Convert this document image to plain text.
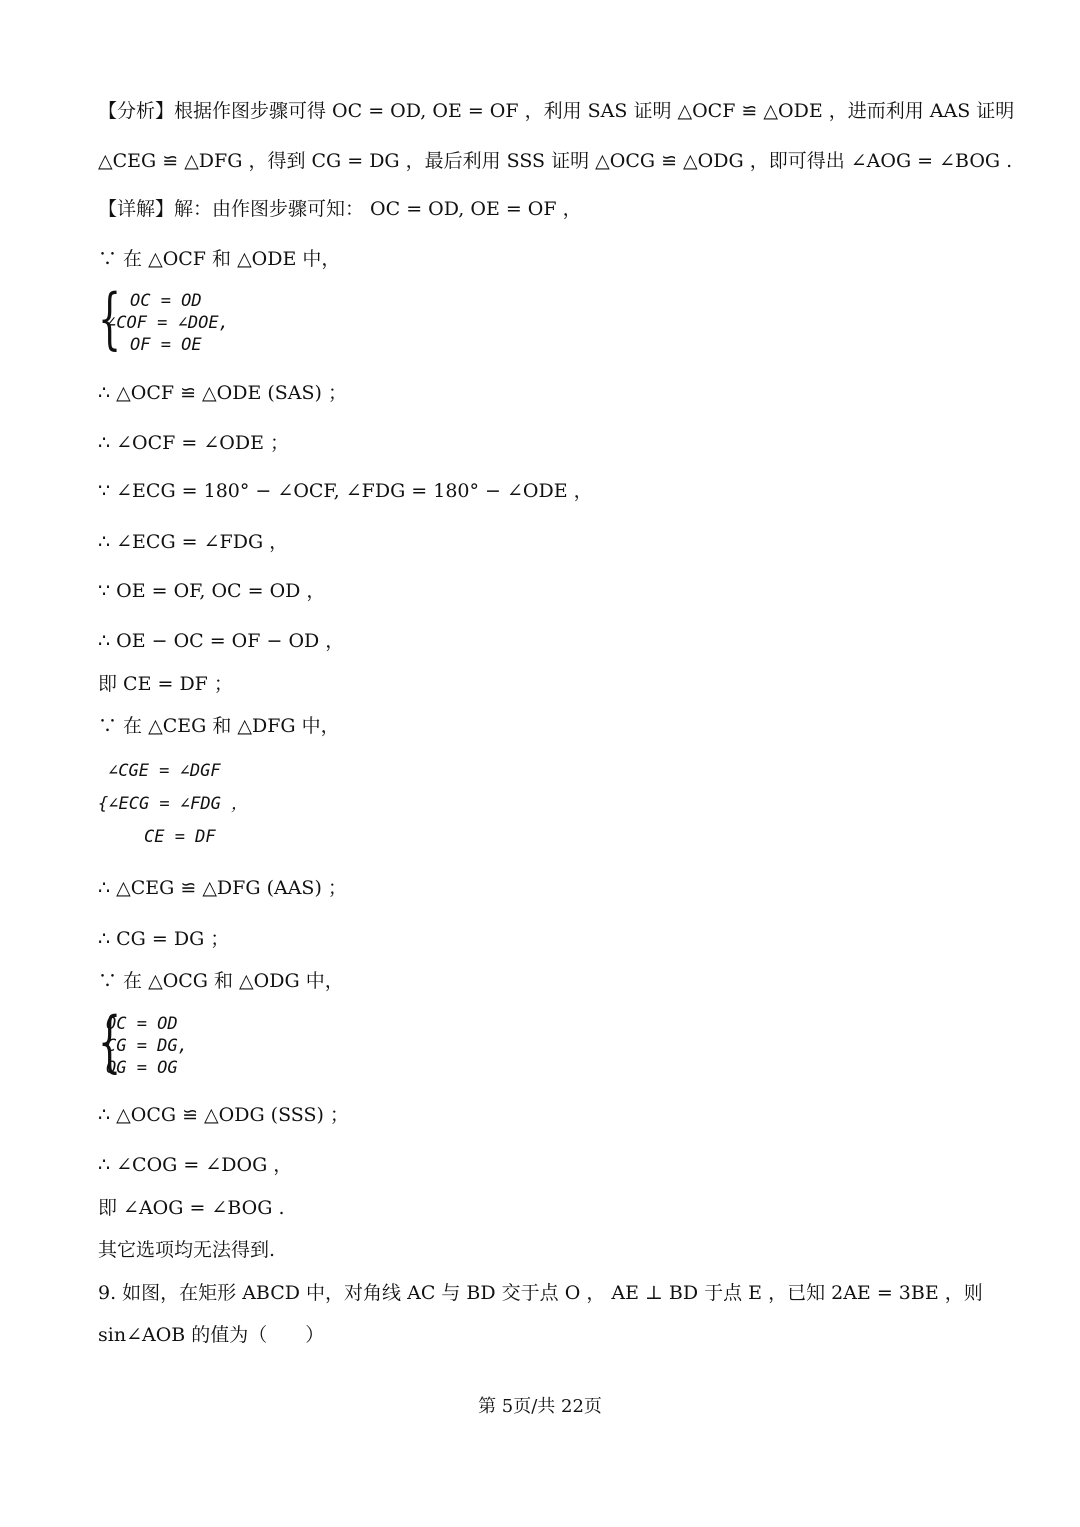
【分析】根据作图步骤可得 OC = OD, OE = OF ，利用 SAS 证明 △OCF ≌ △ODE ，进而利用 AAS 证明
△CEG ≌ △DFG ，得到 CG = DG ，最后利用 SSS 证明 △OCG ≌ △ODG ，即可得出 ∠AOG = ∠BOG .
【详解】解：由作图步骤可知： OC = OD, OE = OF ，
∵ 在 △OCF 和 △ODE 中，
{ OC = OD
∠COF = ∠DOE,
OF = OE
∴ △OCF ≌ △ODE (SAS) ；
∴ ∠OCF = ∠ODE ；
∵ ∠ECG = 180° − ∠OCF, ∠FDG = 180° − ∠ODE ，
∴ ∠ECG = ∠FDG ，
∵ OE = OF, OC = OD ，
∴ OE − OC = OF − OD ，
即 CE = DF ；
∵ 在 △CEG 和 △DFG 中，
∠CGE = ∠DGF
{∠ECG = ∠FDG ，
CE = DF
∴ △CEG ≌ △DFG (AAS) ；
∴ CG = DG ；
∵ 在 △OCG 和 △ODG 中，
{
OC = OD
CG = DG,
OG = OG
∴ △OCG ≌ △ODG (SSS) ；
∴ ∠COG = ∠DOG ，
即 ∠AOG = ∠BOG .
其它选项均无法得到.
9. 如图，在矩形 ABCD 中，对角线 AC 与 BD 交于点 O ， AE ⊥ BD 于点 E ，已知 2AE = 3BE ，则
sin∠AOB 的值为（　　）
第 5页/共 22页
